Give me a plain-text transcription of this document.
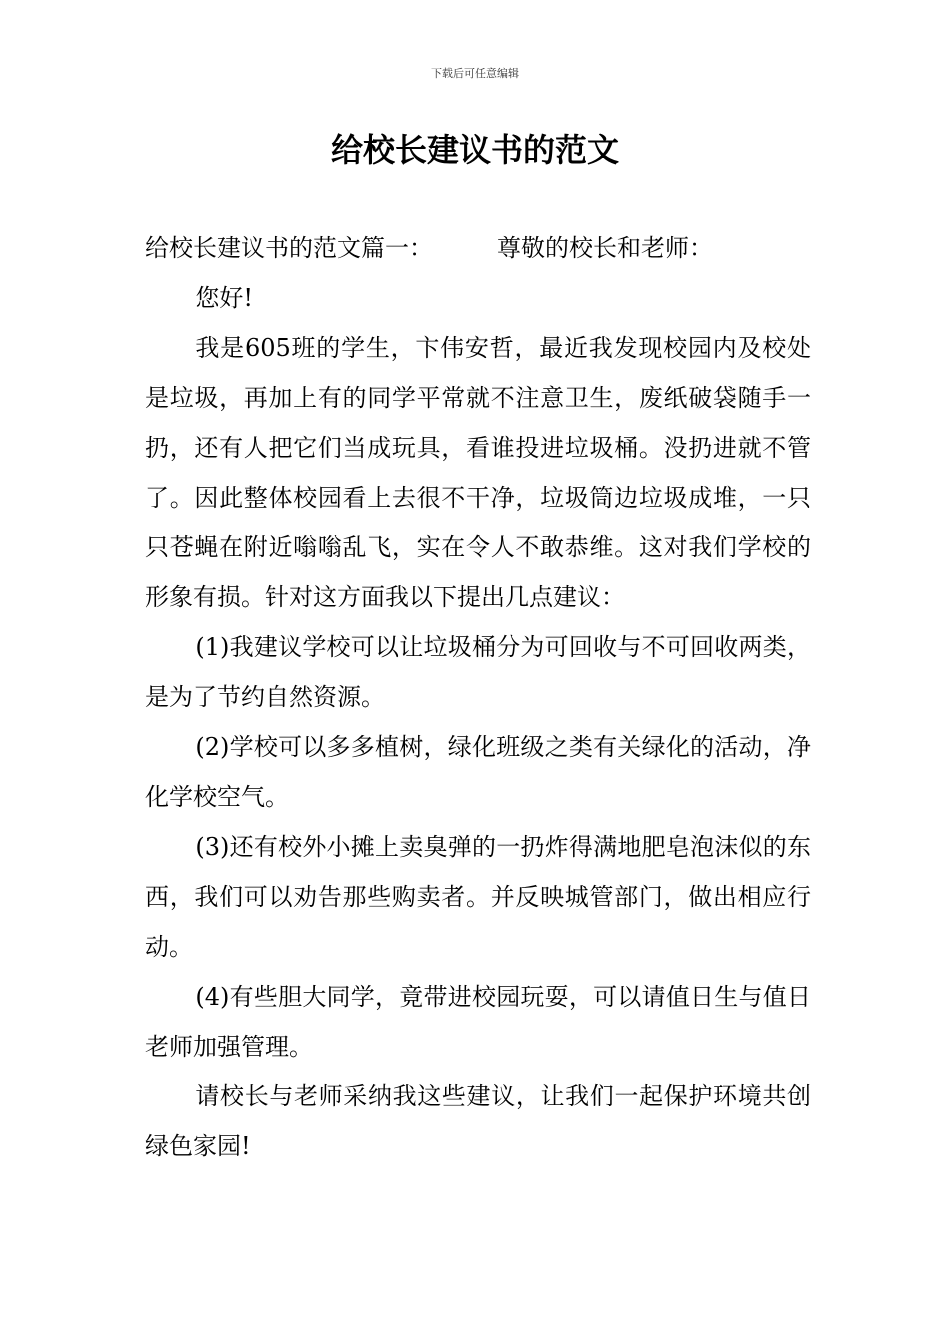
下载后可任意编辑
给校长建议书的范文

给校长建议书的范文篇一：	尊敬的校长和老师：

您好!

我是605班的学生，卞伟安哲，最近我发现校园内及校处是垃圾，再加上有的同学平常就不注意卫生，废纸破袋随手一扔，还有人把它们当成玩具，看谁投进垃圾桶。没扔进就不管了。因此整体校园看上去很不干净，垃圾筒边垃圾成堆，一只只苍蝇在附近嗡嗡乱飞，实在令人不敢恭维。这对我们学校的形象有损。针对这方面我以下提出几点建议：

(1)我建议学校可以让垃圾桶分为可回收与不可回收两类，是为了节约自然资源。

(2)学校可以多多植树，绿化班级之类有关绿化的活动，净化学校空气。

(3)还有校外小摊上卖臭弹的一扔炸得满地肥皂泡沫似的东西，我们可以劝告那些购卖者。并反映城管部门，做出相应行动。

(4)有些胆大同学，竟带进校园玩耍，可以请值日生与值日老师加强管理。

请校长与老师采纳我这些建议，让我们一起保护环境共创绿色家园!
